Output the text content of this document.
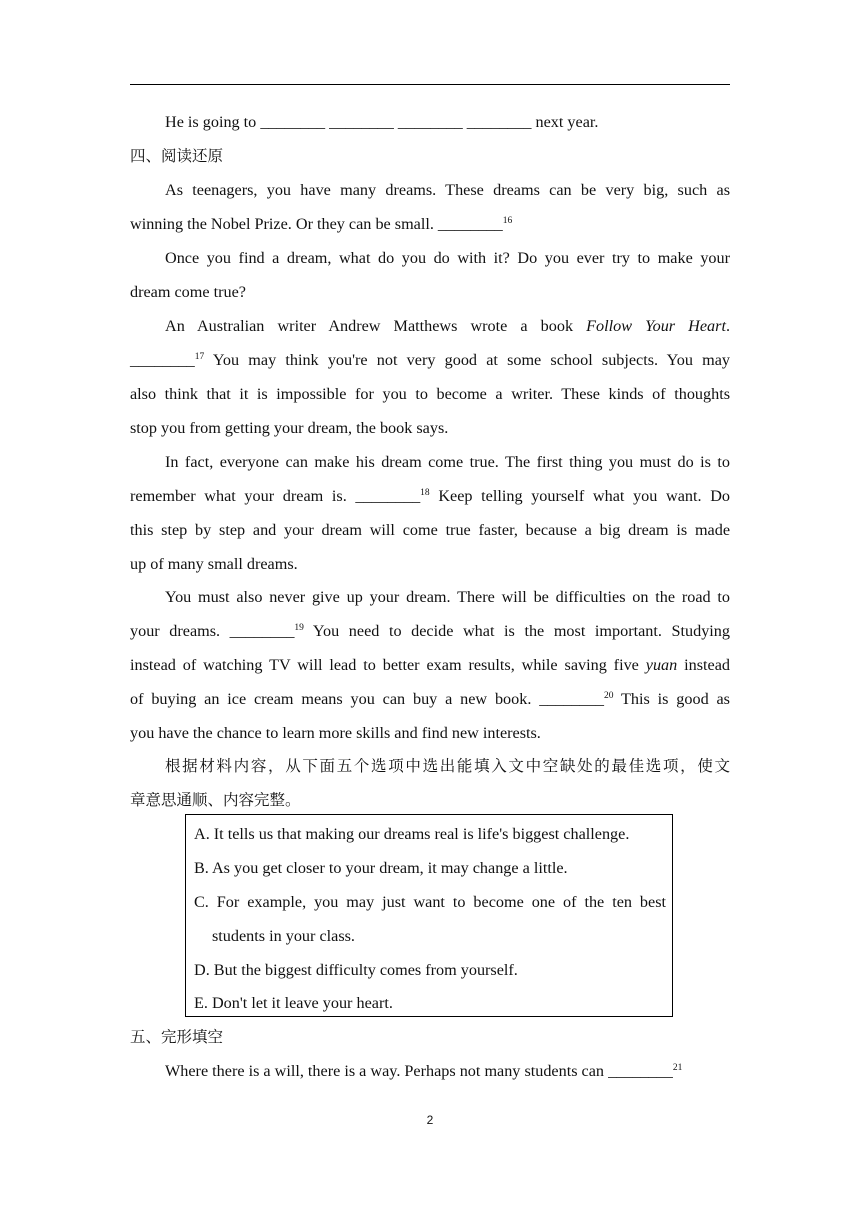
He is going to ________ ________ ________ ________ next year.
四、阅读还原
As teenagers, you have many dreams. These dreams can be very big, such as
winning the Nobel Prize. Or they can be small. ________$^{16}$
Once you find a dream, what do you do with it? Do you ever try to make your
dream come true?
An Australian writer Andrew Matthews wrote a book Follow Your Heart.
________$^{17}$ You may think you're not very good at some school subjects. You may
also think that it is impossible for you to become a writer. These kinds of thoughts
stop you from getting your dream, the book says.
In fact, everyone can make his dream come true. The first thing you must do is to
remember what your dream is. ________$^{18}$ Keep telling yourself what you want. Do
this step by step and your dream will come true faster, because a big dream is made
up of many small dreams.
You must also never give up your dream. There will be difficulties on the road to
your dreams. ________$^{19}$ You need to decide what is the most important. Studying
instead of watching TV will lead to better exam results, while saving five yuan instead
of buying an ice cream means you can buy a new book. ________$^{20}$ This is good as
you have the chance to learn more skills and find new interests.
根据材料内容，从下面五个选项中选出能填入文中空缺处的最佳选项，使文
章意思通顺、内容完整。
A. It tells us that making our dreams real is life's biggest challenge.
B. As you get closer to your dream, it may change a little.
C. For example, you may just want to become one of the ten best
students in your class.
D. But the biggest difficulty comes from yourself.
E. Don't let it leave your heart.
五、完形填空
Where there is a will, there is a way. Perhaps not many students can ________$^{21}$
2
